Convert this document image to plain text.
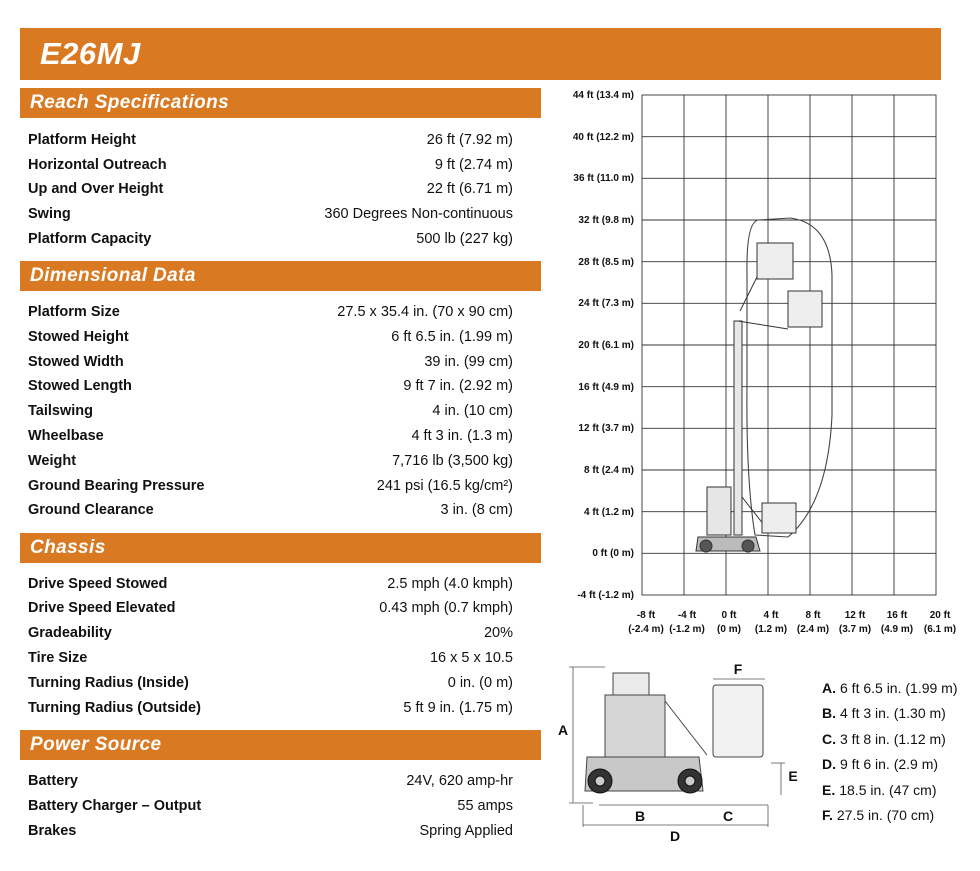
E26MJ
Reach Specifications
Platform Height	26 ft (7.92 m)
Horizontal Outreach	9 ft (2.74 m)
Up and Over Height	22 ft (6.71 m)
Swing	360 Degrees Non-continuous
Platform Capacity	500 lb (227 kg)
Dimensional Data
Platform Size	27.5 x 35.4 in. (70 x 90 cm)
Stowed Height	6 ft 6.5 in. (1.99 m)
Stowed Width	39 in. (99 cm)
Stowed Length	9 ft 7 in. (2.92 m)
Tailswing	4 in. (10 cm)
Wheelbase	4 ft 3 in. (1.3 m)
Weight	7,716 lb (3,500 kg)
Ground Bearing Pressure	241 psi (16.5 kg/cm²)
Ground Clearance	3 in. (8 cm)
Chassis
Drive Speed Stowed	2.5 mph (4.0 kmph)
Drive Speed Elevated	0.43 mph (0.7 kmph)
Gradeability	20%
Tire Size	16 x 5 x 10.5
Turning Radius (Inside)	0 in. (0 m)
Turning Radius (Outside)	5 ft 9 in. (1.75 m)
Power Source
Battery	24V, 620 amp-hr
Battery Charger – Output	55 amps
Brakes	Spring Applied
44 ft (13.4 m)
40 ft (12.2 m)
36 ft (11.0 m)
32 ft (9.8 m)
28 ft (8.5 m)
24 ft (7.3 m)
20 ft (6.1 m)
16 ft (4.9 m)
12 ft (3.7 m)
8 ft (2.4 m)
4 ft (1.2 m)
0 ft (0 m)
-4 ft (-1.2 m)
-8 ft
(-2.4 m)
-4 ft
(-1.2 m)
0 ft
(0 m)
4 ft
(1.2 m)
8 ft
(2.4 m)
12 ft
(3.7 m)
16 ft
(4.9 m)
20 ft
(6.1 m)
A
B	C
D
E
F
A. 6 ft 6.5 in. (1.99 m)
B. 4 ft 3 in. (1.30 m)
C. 3 ft 8 in. (1.12 m)
D. 9 ft 6 in. (2.9 m)
E. 18.5 in. (47 cm)
F. 27.5 in. (70 cm)
